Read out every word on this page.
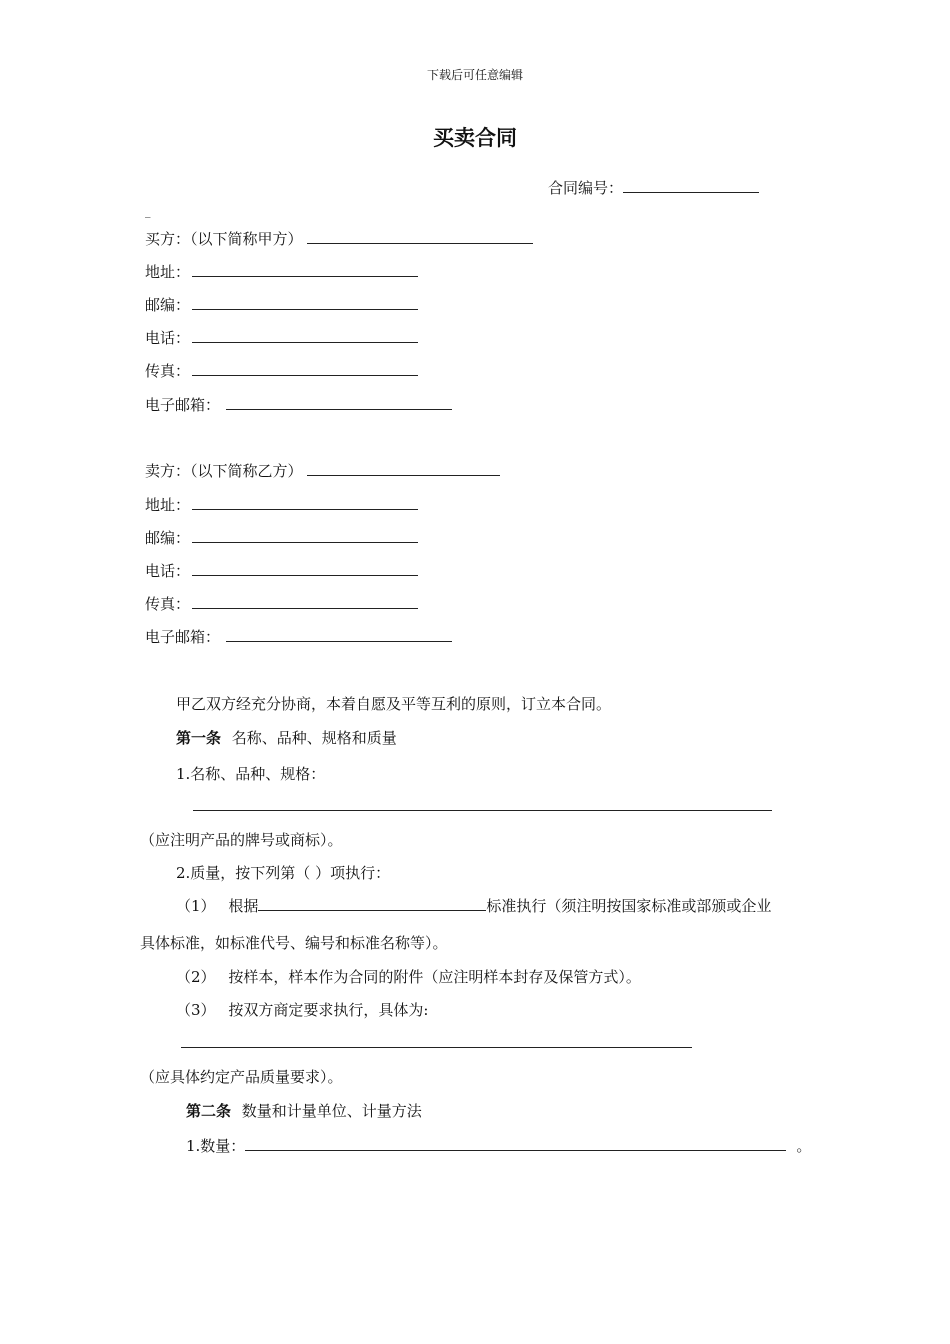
下载后可任意编辑
买卖合同
合同编号：
_
买方：（以下简称甲方）
地址：
邮编：
电话：
传真：
电子邮箱：
卖方：（以下简称乙方）
地址：
邮编：
电话：
传真：
电子邮箱：
甲乙双方经充分协商，本着自愿及平等互利的原则，订立本合同。
第一条 名称、品种、规格和质量
1.名称、品种、规格：
（应注明产品的牌号或商标）。
2.质量，按下列第（ ）项执行：
（1） 根据	标准执行（须注明按国家标准或部颁或企业
具体标准，如标准代号、编号和标准名称等）。
（2） 按样本，样本作为合同的附件（应注明样本封存及保管方式）。
（3） 按双方商定要求执行，具体为:
（应具体约定产品质量要求）。
第二条 数量和计量单位、计量方法
1.数量：	。
